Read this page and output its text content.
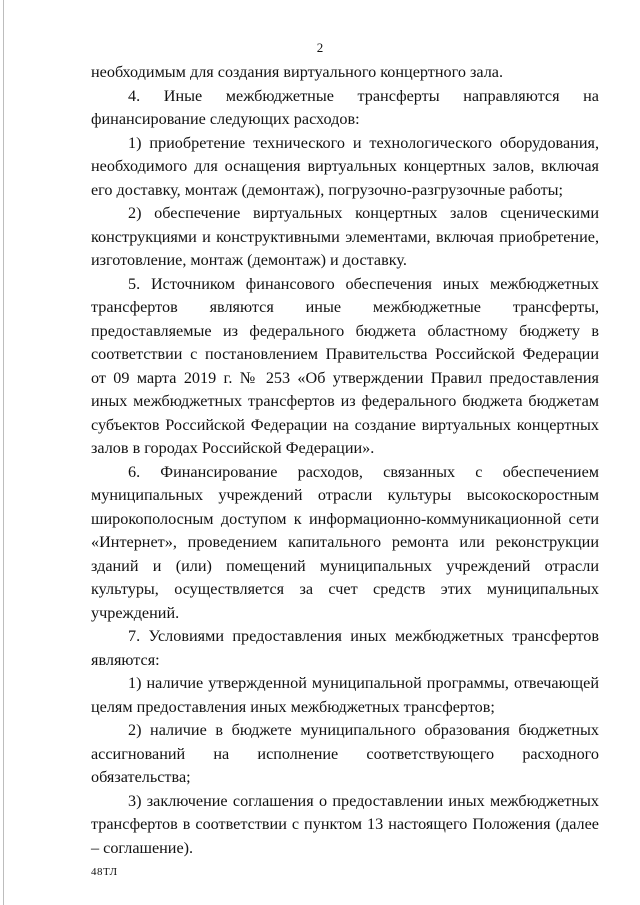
2

необходимым для создания виртуального концертного зала.

4. Иные межбюджетные трансферты направляются на финансирование следующих расходов:

1) приобретение технического и технологического оборудования, необходимого для оснащения виртуальных концертных залов, включая его доставку, монтаж (демонтаж), погрузочно-разгрузочные работы;

2) обеспечение виртуальных концертных залов сценическими конструкциями и конструктивными элементами, включая приобретение, изготовление, монтаж (демонтаж) и доставку.

5. Источником финансового обеспечения иных межбюджетных трансфертов являются иные межбюджетные трансферты, предоставляемые из федерального бюджета областному бюджету в соответствии с постановлением Правительства Российской Федерации от 09 марта 2019 г. № 253 «Об утверждении Правил предоставления иных межбюджетных трансфертов из федерального бюджета бюджетам субъектов Российской Федерации на создание виртуальных концертных залов в городах Российской Федерации».

6. Финансирование расходов, связанных с обеспечением муниципальных учреждений отрасли культуры высокоскоростным широкополосным доступом к информационно-коммуникационной сети «Интернет», проведением капитального ремонта или реконструкции зданий и (или) помещений муниципальных учреждений отрасли культуры, осуществляется за счет средств этих муниципальных учреждений.

7. Условиями предоставления иных межбюджетных трансфертов являются:

1) наличие утвержденной муниципальной программы, отвечающей целям предоставления иных межбюджетных трансфертов;

2) наличие в бюджете муниципального образования бюджетных ассигнований на исполнение соответствующего расходного обязательства;

3) заключение соглашения о предоставлении иных межбюджетных трансфертов в соответствии с пунктом 13 настоящего Положения (далее – соглашение).

48ТЛ
